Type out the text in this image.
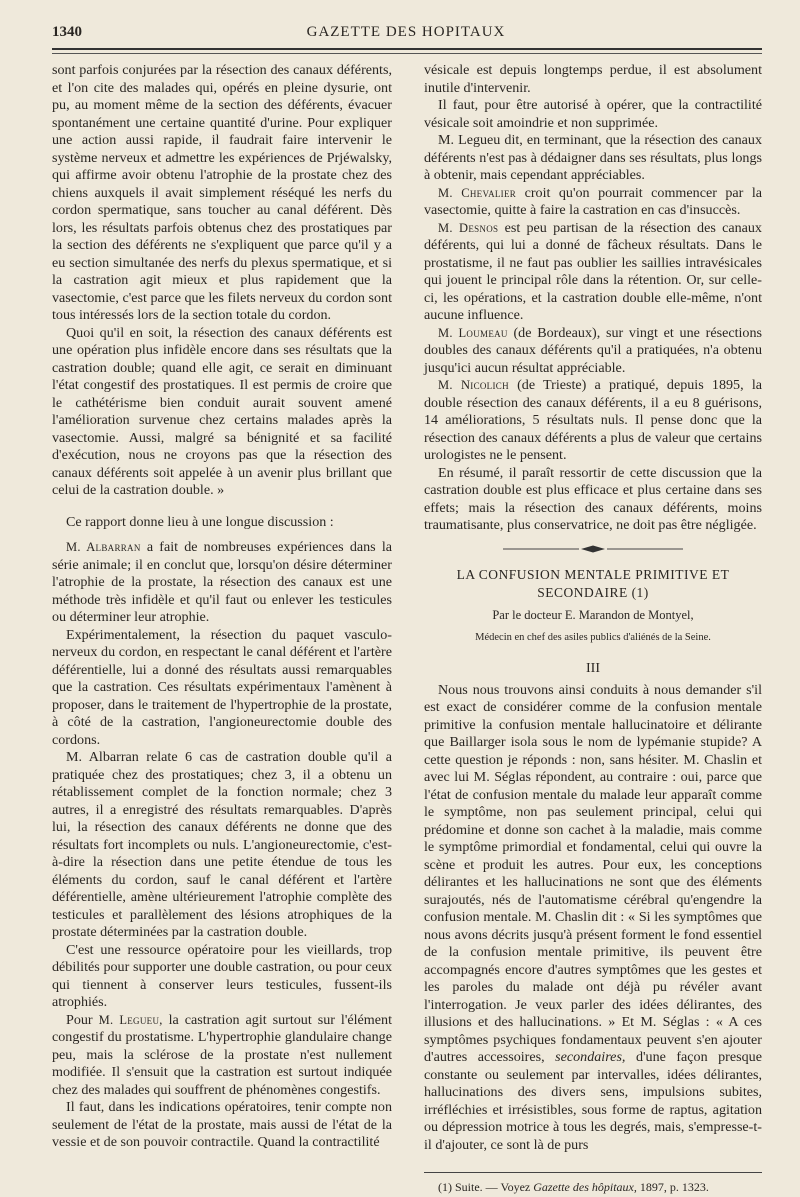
1340	GAZETTE DES HOPITAUX

sont parfois conjurées par la résection des canaux déférents, et l'on cite des malades qui, opérés en pleine dysurie, ont pu, au moment même de la section des déférents, évacuer spontanément une certaine quantité d'urine. Pour expliquer une action aussi rapide, il faudrait faire intervenir le système nerveux et admettre les expériences de Prjéwalsky, qui affirme avoir obtenu l'atrophie de la prostate chez des chiens auxquels il avait simplement réséqué les nerfs du cordon spermatique, sans toucher au canal déférent. Dès lors, les résultats parfois obtenus chez des prostatiques par la section des déférents ne s'expliquent que parce qu'il y a eu section simultanée des nerfs du plexus spermatique, et si la castration agit mieux et plus rapidement que la vasectomie, c'est parce que les filets nerveux du cordon sont tous intéressés lors de la section totale du cordon.

Quoi qu'il en soit, la résection des canaux déférents est une opération plus infidèle encore dans ses résultats que la castration double; quand elle agit, ce serait en diminuant l'état congestif des prostatiques. Il est permis de croire que le cathétérisme bien conduit aurait souvent amené l'amélioration survenue chez certains malades après la vasectomie. Aussi, malgré sa bénignité et sa facilité d'exécution, nous ne croyons pas que la résection des canaux déférents soit appelée à un avenir plus brillant que celui de la castration double. »

Ce rapport donne lieu à une longue discussion :

M. Albarran a fait de nombreuses expériences dans la série animale; il en conclut que, lorsqu'on désire déterminer l'atrophie de la prostate, la résection des canaux est une méthode très infidèle et qu'il faut ou enlever les testicules ou déterminer leur atrophie.

Expérimentalement, la résection du paquet vasculo-nerveux du cordon, en respectant le canal déférent et l'artère déférentielle, lui a donné des résultats aussi remarquables que la castration. Ces résultats expérimentaux l'amènent à proposer, dans le traitement de l'hypertrophie de la prostate, à côté de la castration, l'angioneurectomie double des cordons.

M. Albarran relate 6 cas de castration double qu'il a pratiquée chez des prostatiques; chez 3, il a obtenu un rétablissement complet de la fonction normale; chez 3 autres, il a enregistré des résultats remarquables. D'après lui, la résection des canaux déférents ne donne que des résultats fort incomplets ou nuls. L'angioneurectomie, c'est-à-dire la résection dans une petite étendue de tous les éléments du cordon, sauf le canal déférent et l'artère déférentielle, amène ultérieurement l'atrophie complète des testicules et parallèlement des lésions atrophiques de la prostate déterminées par la castration double.

C'est une ressource opératoire pour les vieillards, trop débilités pour supporter une double castration, ou pour ceux qui tiennent à conserver leurs testicules, fussent-ils atrophiés.

Pour M. Legueu, la castration agit surtout sur l'élément congestif du prostatisme. L'hypertrophie glandulaire change peu, mais la sclérose de la prostate n'est nullement modifiée. Il s'ensuit que la castration est surtout indiquée chez des malades qui souffrent de phénomènes congestifs.

Il faut, dans les indications opératoires, tenir compte non seulement de l'état de la prostate, mais aussi de l'état de la vessie et de son pouvoir contractile. Quand la contractilité

vésicale est depuis longtemps perdue, il est absolument inutile d'intervenir.

Il faut, pour être autorisé à opérer, que la contractilité vésicale soit amoindrie et non supprimée.

M. Legueu dit, en terminant, que la résection des canaux déférents n'est pas à dédaigner dans ses résultats, plus longs à obtenir, mais cependant appréciables.

M. Chevalier croit qu'on pourrait commencer par la vasectomie, quitte à faire la castration en cas d'insuccès.

M. Desnos est peu partisan de la résection des canaux déférents, qui lui a donné de fâcheux résultats. Dans le prostatisme, il ne faut pas oublier les saillies intravésicales qui jouent le principal rôle dans la rétention. Or, sur celle-ci, les opérations, et la castration double elle-même, n'ont aucune influence.

M. Loumeau (de Bordeaux), sur vingt et une résections doubles des canaux déférents qu'il a pratiquées, n'a obtenu jusqu'ici aucun résultat appréciable.

M. Nicolich (de Trieste) a pratiqué, depuis 1895, la double résection des canaux déférents, il a eu 8 guérisons, 14 améliorations, 5 résultats nuls. Il pense donc que la résection des canaux déférents a plus de valeur que certains urologistes ne le pensent.

En résumé, il paraît ressortir de cette discussion que la castration double est plus efficace et plus certaine dans ses effets; mais la résection des canaux déférents, moins traumatisante, plus conservatrice, ne doit pas être négligée.

LA CONFUSION MENTALE PRIMITIVE ET SECONDAIRE (1)
Par le docteur E. Marandon de Montyel,
Médecin en chef des asiles publics d'aliénés de la Seine.
III

Nous nous trouvons ainsi conduits à nous demander s'il est exact de considérer comme de la confusion mentale primitive la confusion mentale hallucinatoire et délirante que Baillarger isola sous le nom de lypémanie stupide? A cette question je réponds : non, sans hésiter. M. Chaslin et avec lui M. Séglas répondent, au contraire : oui, parce que l'état de confusion mentale du malade leur apparaît comme le symptôme, non pas seulement principal, celui qui prédomine et donne son cachet à la maladie, mais comme le symptôme primordial et fondamental, celui qui ouvre la scène et produit les autres. Pour eux, les conceptions délirantes et les hallucinations ne sont que des éléments surajoutés, nés de l'automatisme cérébral qu'engendre la confusion mentale. M. Chaslin dit : « Si les symptômes que nous avons décrits jusqu'à présent forment le fond essentiel de la confusion mentale primitive, ils peuvent être accompagnés encore d'autres symptômes que les gestes et les paroles du malade ont déjà pu révéler avant l'interrogation. Je veux parler des idées délirantes, des illusions et des hallucinations. » Et M. Séglas : « A ces symptômes psychiques fondamentaux peuvent s'en ajouter d'autres accessoires, secondaires, d'une façon presque constante ou seulement par intervalles, idées délirantes, hallucinations des divers sens, impulsions subites, irréfléchies et irrésistibles, sous forme de raptus, agitation ou dépression motrice à tous les degrés, mais, s'empresse-t-il d'ajouter, ce sont là de purs

(1) Suite. — Voyez Gazette des hôpitaux, 1897, p. 1323.
